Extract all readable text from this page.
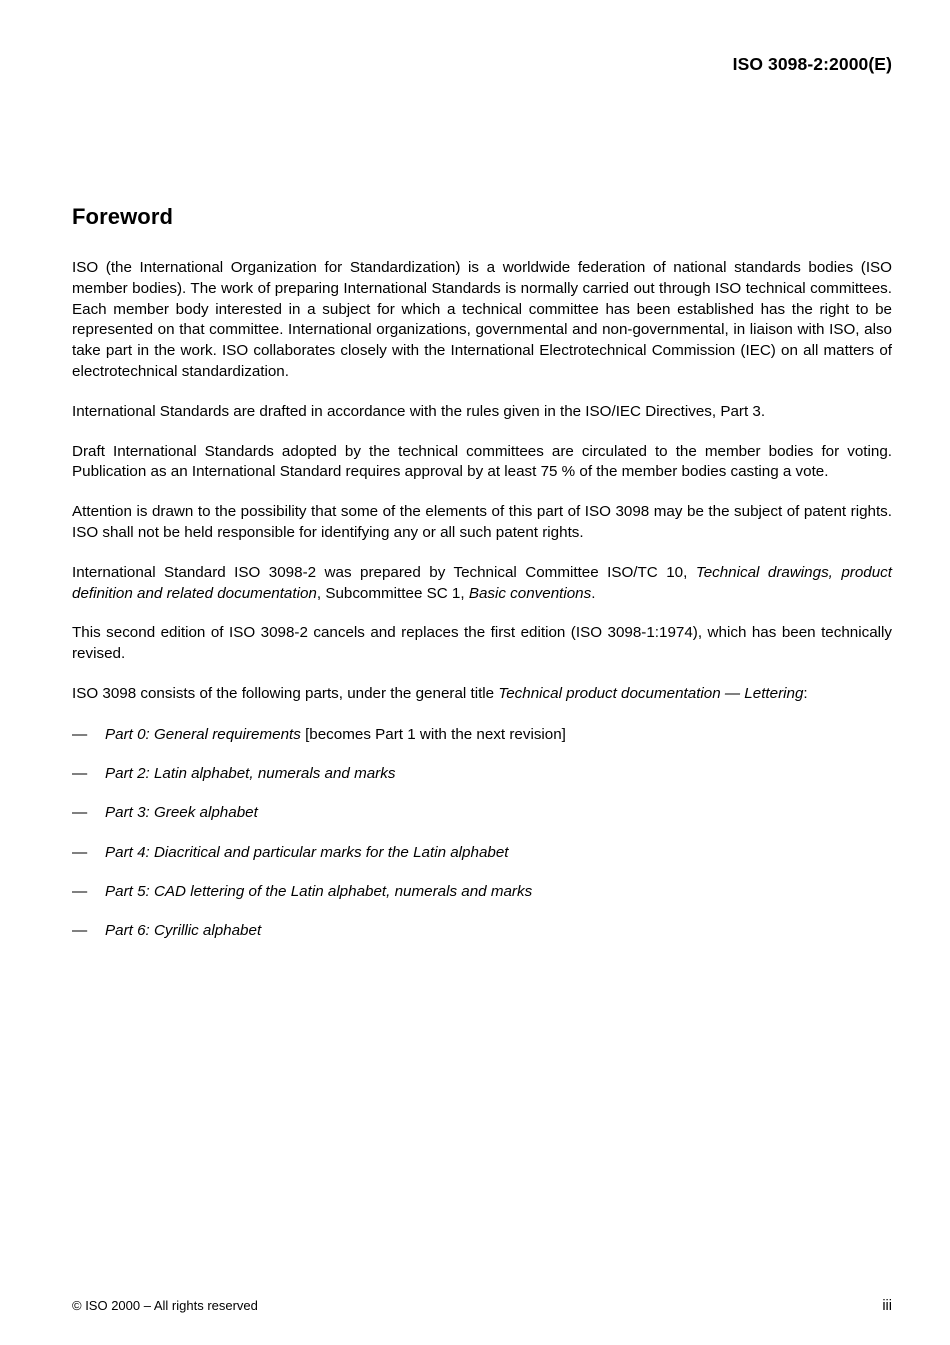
ISO 3098-2:2000(E)
Foreword

ISO (the International Organization for Standardization) is a worldwide federation of national standards bodies (ISO member bodies). The work of preparing International Standards is normally carried out through ISO technical committees. Each member body interested in a subject for which a technical committee has been established has the right to be represented on that committee. International organizations, governmental and non-governmental, in liaison with ISO, also take part in the work. ISO collaborates closely with the International Electrotechnical Commission (IEC) on all matters of electrotechnical standardization.

International Standards are drafted in accordance with the rules given in the ISO/IEC Directives, Part 3.

Draft International Standards adopted by the technical committees are circulated to the member bodies for voting. Publication as an International Standard requires approval by at least 75 % of the member bodies casting a vote.

Attention is drawn to the possibility that some of the elements of this part of ISO 3098 may be the subject of patent rights. ISO shall not be held responsible for identifying any or all such patent rights.

International Standard ISO 3098-2 was prepared by Technical Committee ISO/TC 10, Technical drawings, product definition and related documentation, Subcommittee SC 1, Basic conventions.

This second edition of ISO 3098-2 cancels and replaces the first edition (ISO 3098-1:1974), which has been technically revised.

ISO 3098 consists of the following parts, under the general title Technical product documentation — Lettering:

—	Part 0: General requirements [becomes Part 1 with the next revision]
—	Part 2: Latin alphabet, numerals and marks
—	Part 3: Greek alphabet
—	Part 4: Diacritical and particular marks for the Latin alphabet
—	Part 5: CAD lettering of the Latin alphabet, numerals and marks
—	Part 6: Cyrillic alphabet
© ISO 2000 – All rights reserved	iii
